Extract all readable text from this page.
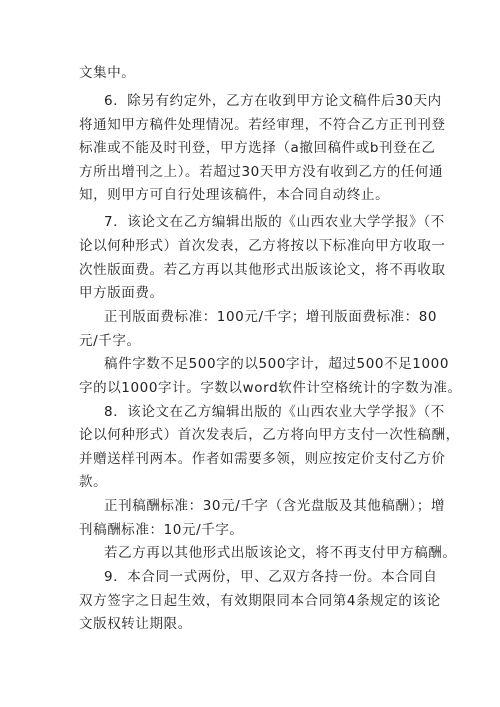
文集中。
6．除另有约定外，乙方在收到甲方论文稿件后30天内
将通知甲方稿件处理情况。若经审理，不符合乙方正刊刊登
标准或不能及时刊登，甲方选择（a撤回稿件或b刊登在乙
方所出增刊之上）。若超过30天甲方没有收到乙方的任何通
知，则甲方可自行处理该稿件，本合同自动终止。
7．该论文在乙方编辑出版的《山西农业大学学报》（不
论以何种形式）首次发表，乙方将按以下标准向甲方收取一
次性版面费。若乙方再以其他形式出版该论文，将不再收取
甲方版面费。
正刊版面费标准：100元/千字；增刊版面费标准：80
元/千字。
稿件字数不足500字的以500字计，超过500不足1000
字的以1000字计。字数以word软件计空格统计的字数为准。
8．该论文在乙方编辑出版的《山西农业大学学报》（不
论以何种形式）首次发表后，乙方将向甲方支付一次性稿酬，
并赠送样刊两本。作者如需要多领，则应按定价支付乙方价
款。
正刊稿酬标准：30元/千字（含光盘版及其他稿酬）；增
刊稿酬标准：10元/千字。
若乙方再以其他形式出版该论文，将不再支付甲方稿酬。
9．本合同一式两份，甲、乙双方各持一份。本合同自
双方签字之日起生效，有效期限同本合同第4条规定的该论
文版权转让期限。
